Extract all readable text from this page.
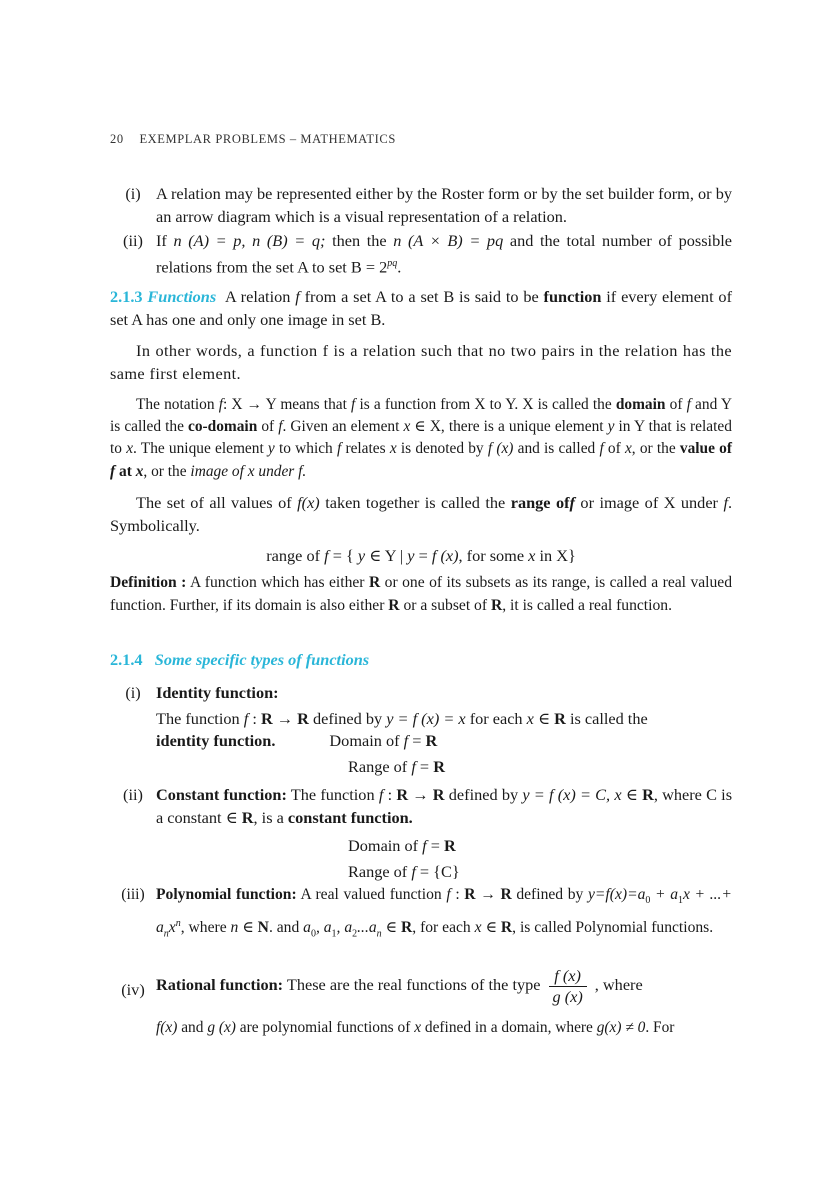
20 EXEMPLAR PROBLEMS – MATHEMATICS
(i) A relation may be represented either by the Roster form or by the set builder form, or by an arrow diagram which is a visual representation of a relation.
(ii) If n (A) = p, n (B) = q; then the n (A × B) = pq and the total number of possible relations from the set A to set $B = 2^{pq}$.

2.1.3 Functions A relation f from a set A to a set B is said to be function if every element of set A has one and only one image in set B.

In other words, a function f is a relation such that no two pairs in the relation has the same first element.

The notation f: X → Y means that f is a function from X to Y. X is called the domain of f and Y is called the co-domain of f. Given an element x ∈ X, there is a unique element y in Y that is related to x. The unique element y to which f relates x is denoted by f (x) and is called f of x, or the value of f at x, or the image of x under f.

The set of all values of f(x) taken together is called the range off or image of X under f. Symbolically.

range of f = { y ∈ Y | y = f (x), for some x in X}

Definition : A function which has either R or one of its subsets as its range, is called a real valued function. Further, if its domain is also either R or a subset of R, it is called a real function.

2.1.4 Some specific types of functions

(i) Identity function:
The function f : R → R defined by y = f (x) = x for each x ∈ R is called the
identity function.	Domain of f = R
Range of f = R
(ii) Constant function: The function f : R → R defined by y = f (x) = C, x ∈ R, where C is a constant ∈ R, is a constant function.
Domain of f = R
Range of f = {C}
(iii) Polynomial function: A real valued function f : R → R defined by $y=f(x)=a_0 + a_1x$ + ...+ $a_nx^n$, where n ∈ N. and $a_0$, $a_1$, $a_2...a_n$ ∈ R, for each x ∈ R, is called Polynomial functions.
(iv) Rational function: These are the real functions of the type $\frac{f (x)}{g (x)}$ , where
f(x) and g (x) are polynomial functions of x defined in a domain, where g(x) ≠ 0. For
